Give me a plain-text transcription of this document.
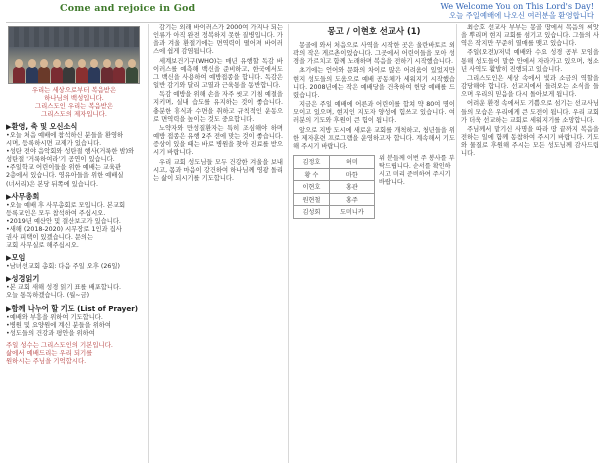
Come and rejoice in God	We Welcome You on This Lord's Day!
오늘 주일예배에 나오신 여러분을 환영합니다
우리는 세상으로부터 복음받은
하나님의 백성입니다.
그리스도인 우리는 복음받은
그리스도의 제자입니다.
▶환영, 축 및 오신소식
•오늘 처음 예배에 참석하신 분들을 환영하
시며, 등록하시면 교제가 있습니다.
•성탄 전야 음악회와 성탄절 행사(거룩한 밤)와
성탄절 '거룩하여라'기 공연이 있습니다.
•주일학교 어린이들을 위한 예배는 교육관
2층에서 있습니다. 영유아들을 위한 예배실
(너서리)은 본당 뒤쪽에 있습니다.
▶사무총회
•오늘 예배 후 사무총회로 모입니다. 본교회
등록교인은 모두 참석하여 주십시오.
•2019년 예산안 및 결산보고가 있습니다.
•새해 (2018-2020) 시무장로 1인과 집사
권사 피택이 있겠습니다. 문의는
교회 사무실로 해주십시오.
▶모임
•남녀선교회 총회: 다음 주일 오후 (26일)
▶성경읽기
•본 교회 새해 성경 읽기 표를 배포합니다.
오늘 통독하겠습니다. (월~금)
▶함께 나누어 할 기도 (List of Prayer)
•예배와 부흥을 위하여 기도합니다.
•병원 및 요양원에 계신 분들을 위하여
•성도들의 건강과 평안을 위하여
주일 성수는 그리스도인의 기본입니다.
삶에서 예배드리는 우리 되기를
원하시는 주님을 기억합시다.

감기는 외래 바이러스가 2000여 가지나 되는 인류가 아직 완전 정복하지 못한 질병입니다. 가을과 겨울 환절기에는 면역력이 떨어져 바이러스에 쉽게 감염됩니다.

세계보건기구(WHO)는 매년 유행할 독감 바이러스를 예측해 백신을 준비하고, 한국에서도 그 백신을 사용하여 예방접종을 합니다. 독감은 일반 감기와 달리 고열과 근육통을 동반합니다.

독감 예방을 위해 손을 자주 씻고 기침 예절을 지키며, 실내 습도를 유지하는 것이 좋습니다. 충분한 휴식과 수면을 취하고 규칙적인 운동으로 면역력을 높이는 것도 중요합니다.

노약자와 만성질환자는 특히 조심해야 하며 예방 접종은 유행 2주 전에 맞는 것이 좋습니다. 증상이 있을 때는 바로 병원을 찾아 진료를 받으시기 바랍니다.

우리 교회 성도님들 모두 건강한 겨울을 보내시고, 몸과 마음이 강건하여 하나님께 영광 돌리는 삶이 되시기를 기도합니다.

몽고 / 이현호 선교사 (1)

몽골에 와서 처음으로 사역을 시작한 곳은 울란바토르 외곽의 작은 게르촌이었습니다. 그곳에서 어린이들을 모아 성경을 가르치고 함께 노래하며 복음을 전하기 시작했습니다.

초기에는 언어와 문화의 차이로 많은 어려움이 있었지만 현지 성도들의 도움으로 예배 공동체가 세워지기 시작했습니다. 2008년에는 작은 예배당을 건축하여 헌당 예배를 드렸습니다.

지금은 주일 예배에 어른과 어린이를 합쳐 약 80여 명이 모이고 있으며, 현지인 지도자 양성에 힘쓰고 있습니다. 여러분의 기도와 후원이 큰 힘이 됩니다.

앞으로 지방 도시에 새로운 교회를 개척하고, 청년들을 위한 제자훈련 프로그램을 운영하고자 합니다. 계속해서 기도해 주시기 바랍니다.

김정호	허미
황 수	마한
이현호	홍관
원현철	홍주
김성회	도미니카
위 분들께 이번 주 봉사를 부탁드립니다. 순서를 확인하시고 미리 준비하여 주시기 바랍니다.

최승호 선교사 부부는 몽골 땅에서 복음의 씨앗을 뿌리며 현지 교회를 섬기고 있습니다. 그들의 사역은 작지만 꾸준히 열매를 맺고 있습니다.

주일(오전)/저녁 예배와 수요 성경 공부 모임을 통해 성도들이 말씀 안에서 자라가고 있으며, 청소년 사역도 활발히 진행되고 있습니다.

그리스도인은 세상 속에서 빛과 소금의 역할을 감당해야 합니다. 선교지에서 들려오는 소식을 들으며 우리의 믿음을 다시 돌아보게 됩니다.

어려운 환경 속에서도 기쁨으로 섬기는 선교사님들의 모습은 우리에게 큰 도전이 됩니다. 우리 교회가 더욱 선교하는 교회로 세워지기를 소망합니다.

주님께서 맡기신 사명을 따라 땅 끝까지 복음을 전하는 일에 함께 동참하여 주시기 바랍니다. 기도와 물질로 후원해 주시는 모든 성도님께 감사드립니다.
